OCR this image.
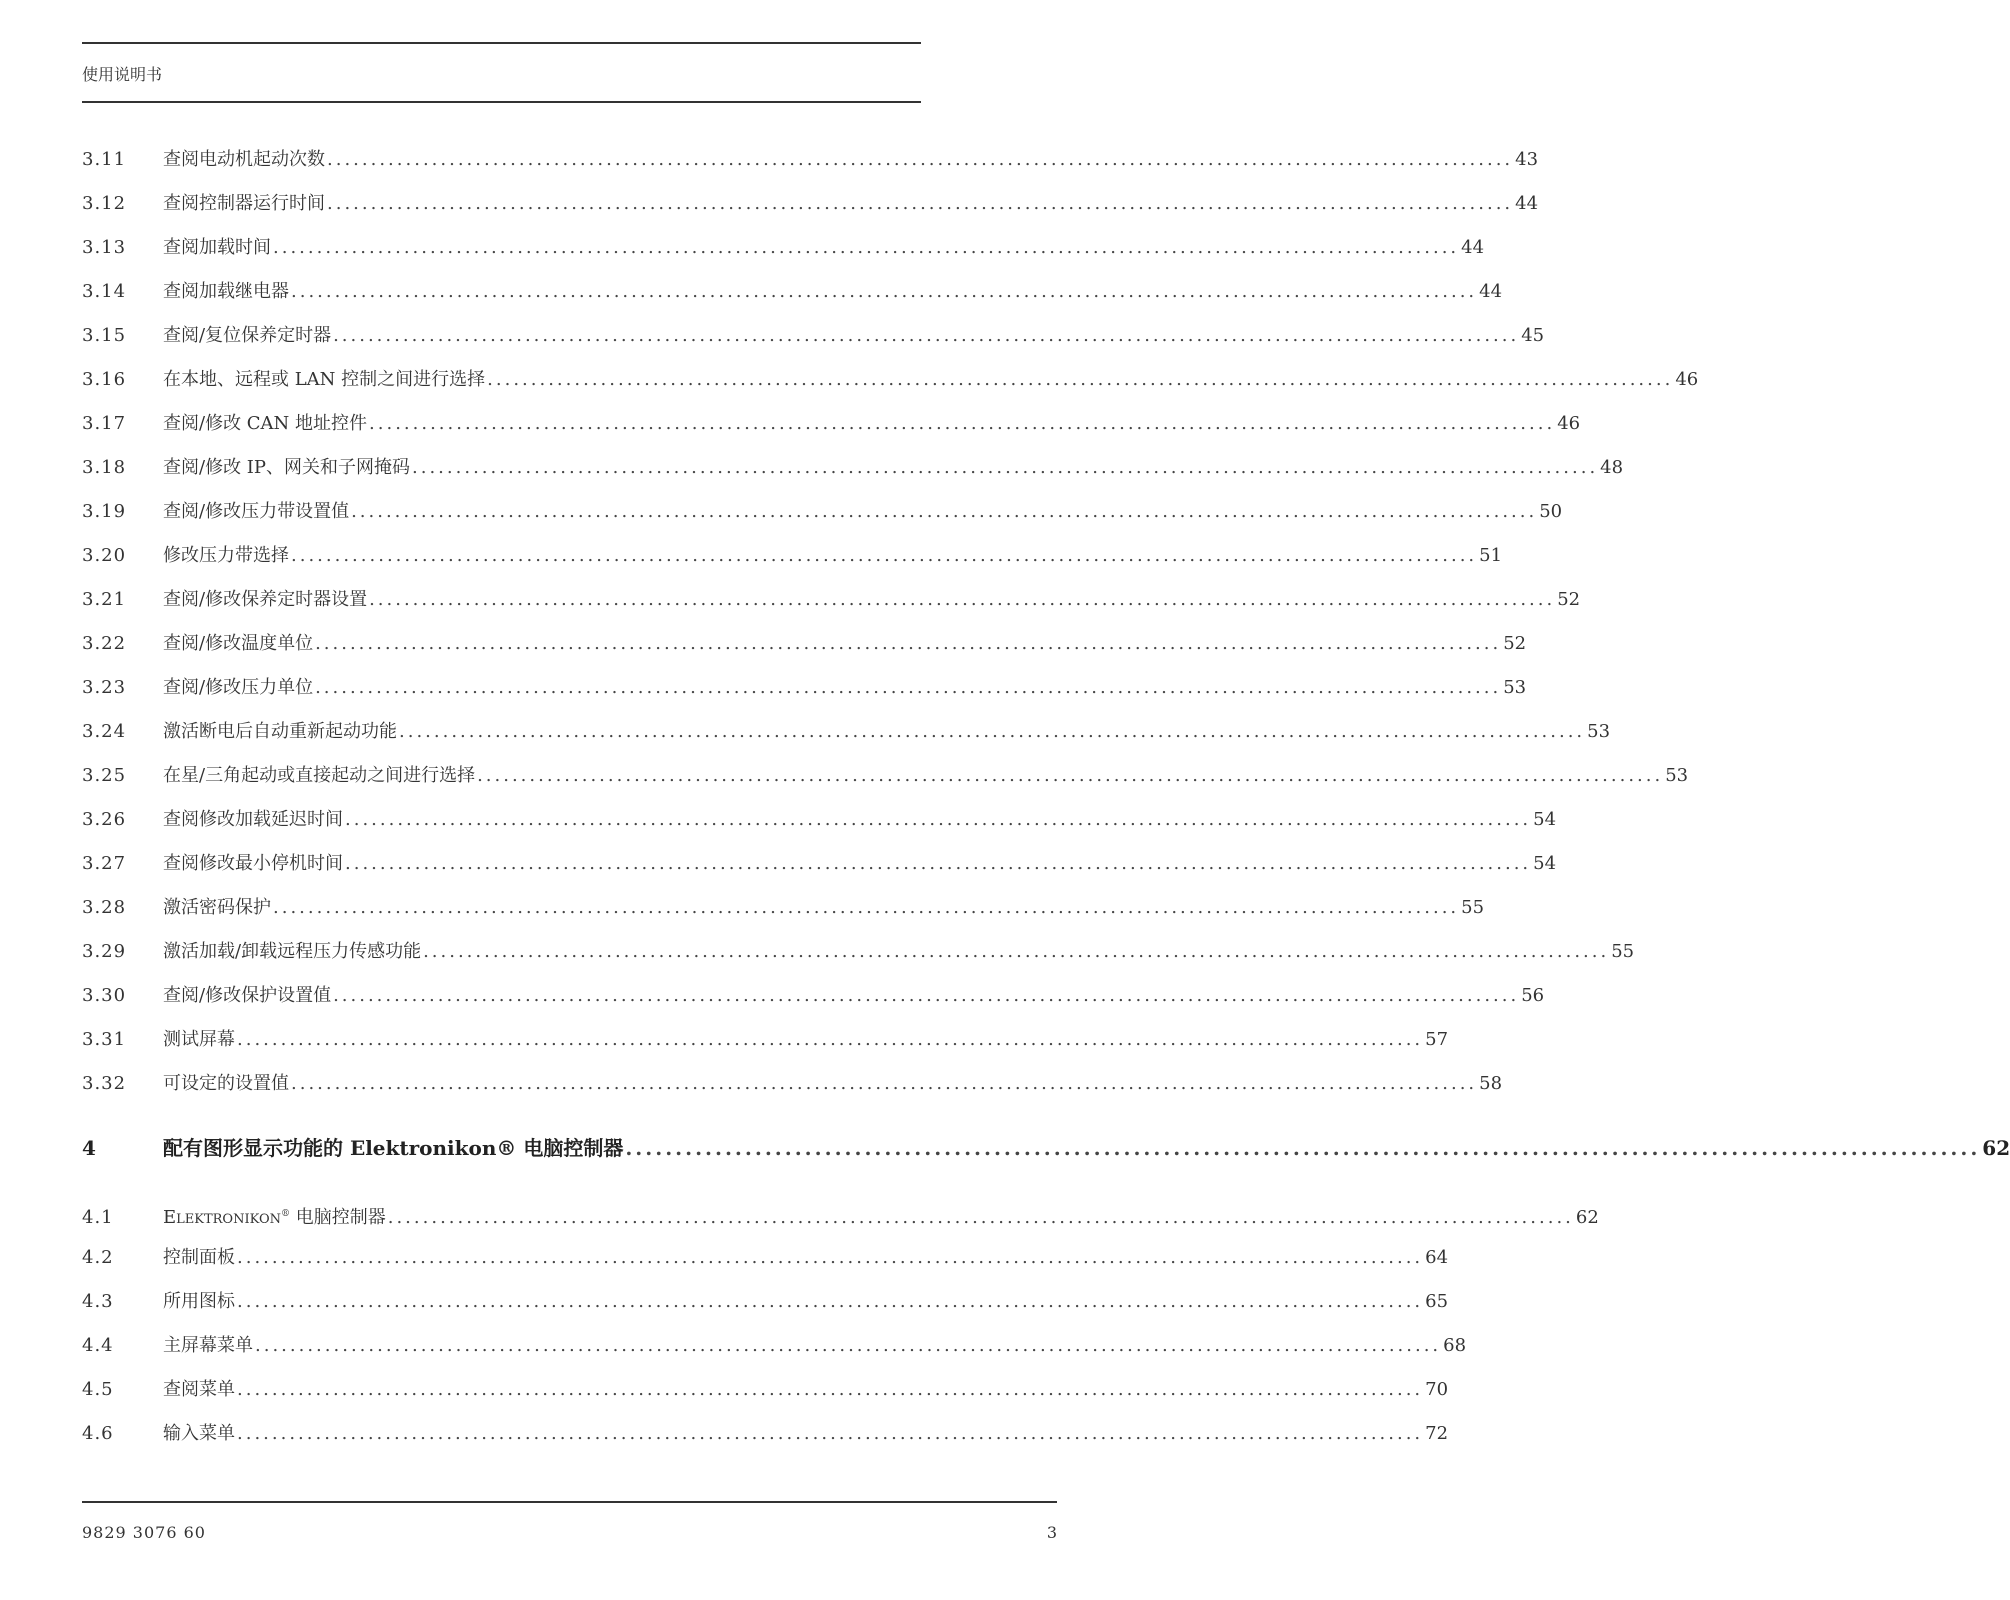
使用说明书
3.11	查阅电动机起动次数 ........................................................................................................................................ 43
3.12	查阅控制器运行时间 ........................................................................................................................................ 44
3.13	查阅加载时间 ........................................................................................................................................ 44
3.14	查阅加载继电器 ........................................................................................................................................ 44
3.15	查阅/复位保养定时器 ........................................................................................................................................ 45
3.16	在本地、远程或 LAN 控制之间进行选择 ........................................................................................................................................ 46
3.17	查阅/修改 CAN 地址控件 ........................................................................................................................................ 46
3.18	查阅/修改 IP、网关和子网掩码 ........................................................................................................................................ 48
3.19	查阅/修改压力带设置值 ........................................................................................................................................ 50
3.20	修改压力带选择 ........................................................................................................................................ 51
3.21	查阅/修改保养定时器设置 ........................................................................................................................................ 52
3.22	查阅/修改温度单位 ........................................................................................................................................ 52
3.23	查阅/修改压力单位 ........................................................................................................................................ 53
3.24	激活断电后自动重新起动功能 ........................................................................................................................................ 53
3.25	在星/三角起动或直接起动之间进行选择 ........................................................................................................................................ 53
3.26	查阅修改加载延迟时间 ........................................................................................................................................ 54
3.27	查阅修改最小停机时间 ........................................................................................................................................ 54
3.28	激活密码保护 ........................................................................................................................................ 55
3.29	激活加载/卸载远程压力传感功能 ........................................................................................................................................ 55
3.30	查阅/修改保护设置值 ........................................................................................................................................ 56
3.31	测试屏幕 ........................................................................................................................................ 57
3.32	可设定的设置值 ........................................................................................................................................ 58
4	配有图形显示功能的 Elektronikon® 电脑控制器 ........................................................................................................................................ 62
4.1	Elektronikon® 电脑控制器 ........................................................................................................................................ 62
4.2	控制面板 ........................................................................................................................................ 64
4.3	所用图标 ........................................................................................................................................ 65
4.4	主屏幕菜单 ........................................................................................................................................ 68
4.5	查阅菜单 ........................................................................................................................................ 70
4.6	输入菜单 ........................................................................................................................................ 72
9829 3076 60	3
